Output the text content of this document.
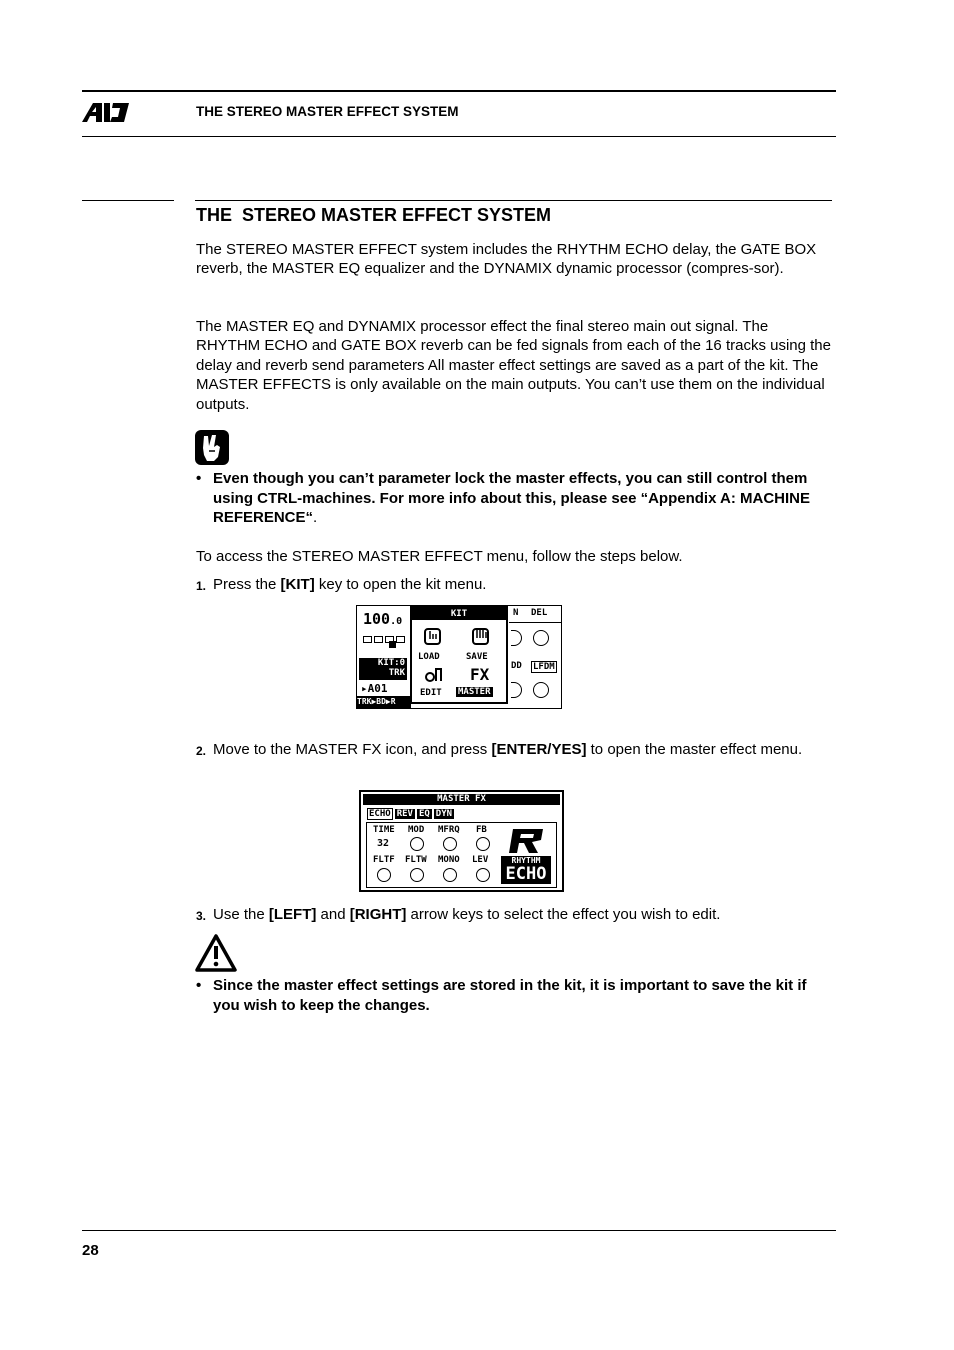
THE STEREO MASTER EFFECT SYSTEM
THE  STEREO MASTER EFFECT SYSTEM
The STEREO MASTER EFFECT system includes the RHYTHM ECHO delay, the GATE BOX reverb, the MASTER EQ equalizer and the DYNAMIX dynamic processor (compres-sor).
The MASTER EQ and DYNAMIX processor effect the final stereo main out signal. The RHYTHM ECHO and GATE BOX reverb can be fed signals from each of the 16 tracks using the delay and reverb send parameters All master effect settings are saved as a part of the kit. The MASTER EFFECTS is only available on the main outputs. You can’t use them on the individual outputs.
• Even though you can’t parameter lock the master effects, you can still control them using CTRL-machines. For more info about this, please see “Appendix A: MACHINE REFERENCE“.
To access the STEREO MASTER EFFECT menu, follow the steps below.
1. Press the [KIT] key to open the kit menu.
100.0
KIT:0
TRK
▸A01
TRK▶BD▶R
N DEL
DD LFDM
KIT
LOAD	SAVE
FX
EDIT MASTER
2. Move to the MASTER FX icon, and press [ENTER/YES] to open the master effect menu.
MASTER FX
ECHO REV EQ DYN
TIME MOD MFRQ FB
32
FLTF FLTW MONO LEV	RHYTHM
ECHO
3. Use the [LEFT] and [RIGHT] arrow keys to select the effect you wish to edit.
• Since the master effect settings are stored in the kit, it is important to save the kit if you wish to keep the changes.
28
